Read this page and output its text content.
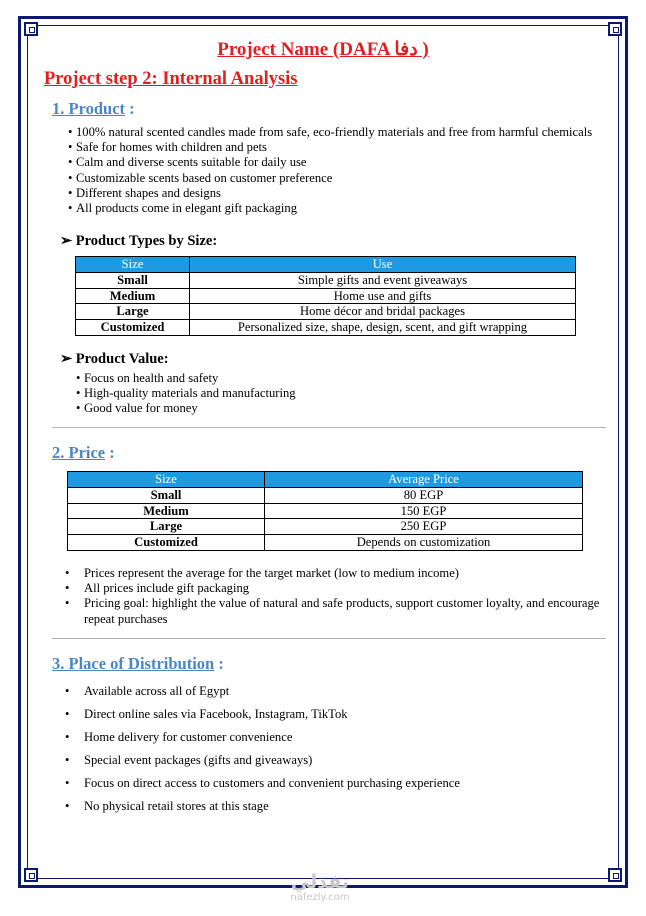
Project Name (DAFA دفا )
Project step 2: Internal Analysis
1. Product :
• 100% natural scented candles made from safe, eco-friendly materials and free from harmful chemicals
• Safe for homes with children and pets
• Calm and diverse scents suitable for daily use
• Customizable scents based on customer preference
• Different shapes and designs
• All products come in elegant gift packaging
➢ Product Types by Size:
Size	Use
Small	Simple gifts and event giveaways
Medium	Home use and gifts
Large	Home décor and bridal packages
Customized	Personalized size, shape, design, scent, and gift wrapping
➢ Product Value:
• Focus on health and safety
• High-quality materials and manufacturing
• Good value for money
2. Price :
Size	Average Price
Small	80 EGP
Medium	150 EGP
Large	250 EGP
Customized	Depends on customization
• Prices represent the average for the target market (low to medium income)
• All prices include gift packaging
• Pricing goal: highlight the value of natural and safe products, support customer loyalty, and encourage repeat purchases
3. Place of Distribution :
• Available across all of Egypt
• Direct online sales via Facebook, Instagram, TikTok
• Home delivery for customer convenience
• Special event packages (gifts and giveaways)
• Focus on direct access to customers and convenient purchasing experience
• No physical retail stores at this stage
نفذلي
nafezly.com
